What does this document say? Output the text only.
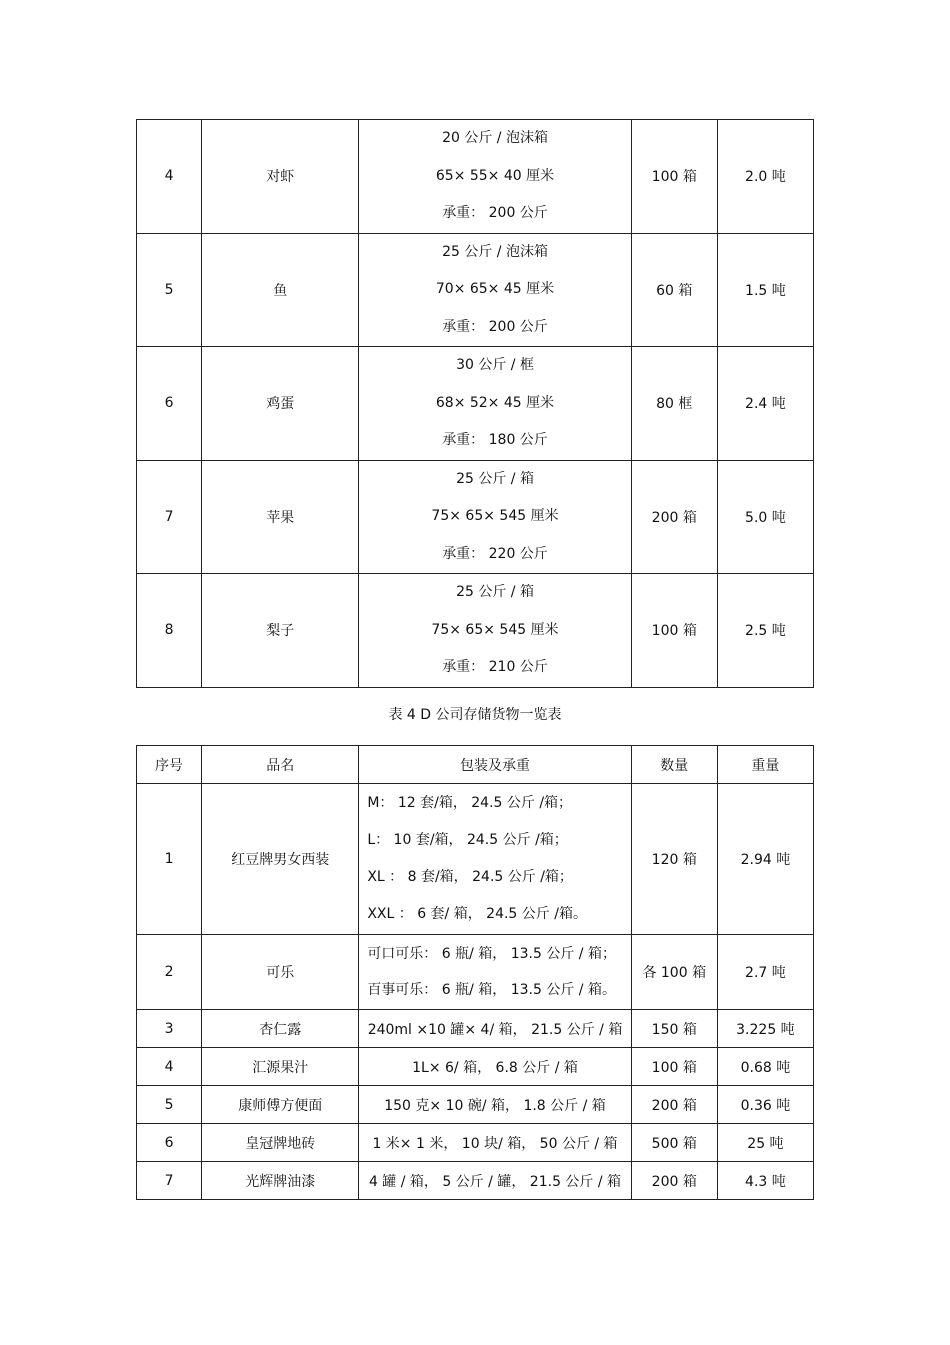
4	对虾	20 公斤 / 泡沫箱
65× 55× 40 厘米
承重： 200 公斤	100 箱	2.0 吨
5	鱼	25 公斤 / 泡沫箱
70× 65× 45 厘米
承重： 200 公斤	60 箱	1.5 吨
6	鸡蛋	30 公斤 / 框
68× 52× 45 厘米
承重： 180 公斤	80 框	2.4 吨
7	苹果	25 公斤 / 箱
75× 65× 545 厘米
承重： 220 公斤	200 箱	5.0 吨
8	梨子	25 公斤 / 箱
75× 65× 545 厘米
承重： 210 公斤	100 箱	2.5 吨
表 4 D 公司存储货物一览表
序号	品名	包装及承重	数量	重量
1	红豆牌男女西装	M： 12 套/箱， 24.5 公斤 /箱；
L： 10 套/箱， 24.5 公斤 /箱；
XL ： 8 套/箱， 24.5 公斤 /箱；
XXL ： 6 套/ 箱， 24.5 公斤 /箱。	120 箱	2.94 吨
2	可乐	可口可乐： 6 瓶/ 箱， 13.5 公斤 / 箱；
百事可乐： 6 瓶/ 箱， 13.5 公斤 / 箱。	各 100 箱	2.7 吨
3	杏仁露	240ml ×10 罐× 4/ 箱， 21.5 公斤 / 箱	150 箱	3.225 吨
4	汇源果汁	1L× 6/ 箱， 6.8 公斤 / 箱	100 箱	0.68 吨
5	康师傅方便面	150 克× 10 碗/ 箱， 1.8 公斤 / 箱	200 箱	0.36 吨
6	皇冠牌地砖	1 米× 1 米， 10 块/ 箱， 50 公斤 / 箱	500 箱	25 吨
7	光辉牌油漆	4 罐 / 箱， 5 公斤 / 罐， 21.5 公斤 / 箱	200 箱	4.3 吨
